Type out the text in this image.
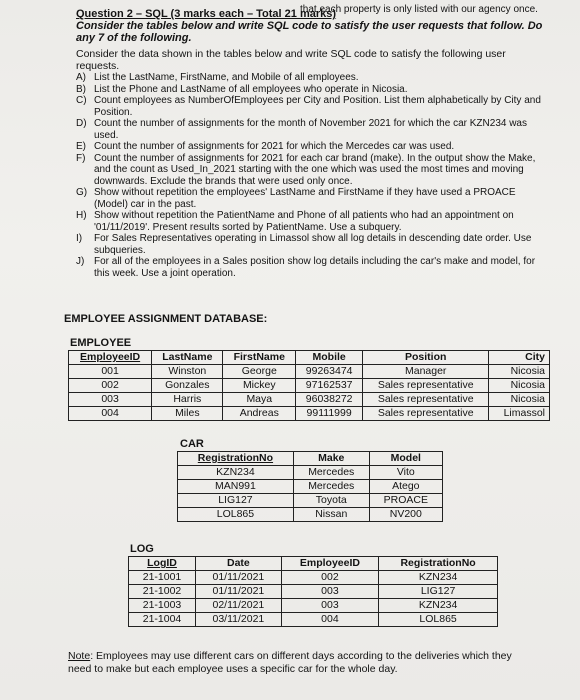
that each property is only listed with our agency once.
Question 2 – SQL (3 marks each – Total 21 marks)
Consider the tables below and write SQL code to satisfy the user requests that follow. Do any 7 of the following.
Consider the data shown in the tables below and write SQL code to satisfy the following user requests.
A) List the LastName, FirstName, and Mobile of all employees.
B) List the Phone and LastName of all employees who operate in Nicosia.
C) Count employees as NumberOfEmployees per City and Position. List them alphabetically by City and Position.
D) Count the number of assignments for the month of November 2021 for which the car KZN234 was used.
E) Count the number of assignments for 2021 for which the Mercedes car was used.
F) Count the number of assignments for 2021 for each car brand (make). In the output show the Make, and the count as Used_In_2021 starting with the one which was used the most times and moving downwards. Exclude the brands that were used only once.
G) Show without repetition the employees' LastName and FirstName if they have used a PROACE (Model) car in the past.
H) Show without repetition the PatientName and Phone of all patients who had an appointment on '01/11/2019'. Present results sorted by PatientName. Use a subquery.
I)	For Sales Representatives operating in Limassol show all log details in descending date order. Use subqueries.
J) For all of the employees in a Sales position show log details including the car's make and model, for this week. Use a joint operation.
EMPLOYEE ASSIGNMENT DATABASE:
EMPLOYEE
EmployeeID	LastName	FirstName	Mobile	Position	City
001	Winston	George	99263474	Manager	Nicosia
002	Gonzales	Mickey	97162537	Sales representative	Nicosia
003	Harris	Maya	96038272	Sales representative	Nicosia
004	Miles	Andreas	99111999	Sales representative	Limassol
CAR
RegistrationNo	Make	Model
KZN234	Mercedes	Vito
MAN991	Mercedes	Atego
LIG127	Toyota	PROACE
LOL865	Nissan	NV200
LOG
LogID	Date	EmployeeID	RegistrationNo
21-1001	01/11/2021	002	KZN234
21-1002	01/11/2021	003	LIG127
21-1003	02/11/2021	003	KZN234
21-1004	03/11/2021	004	LOL865
Note: Employees may use different cars on different days according to the deliveries which they need to make but each employee uses a specific car for the whole day.
